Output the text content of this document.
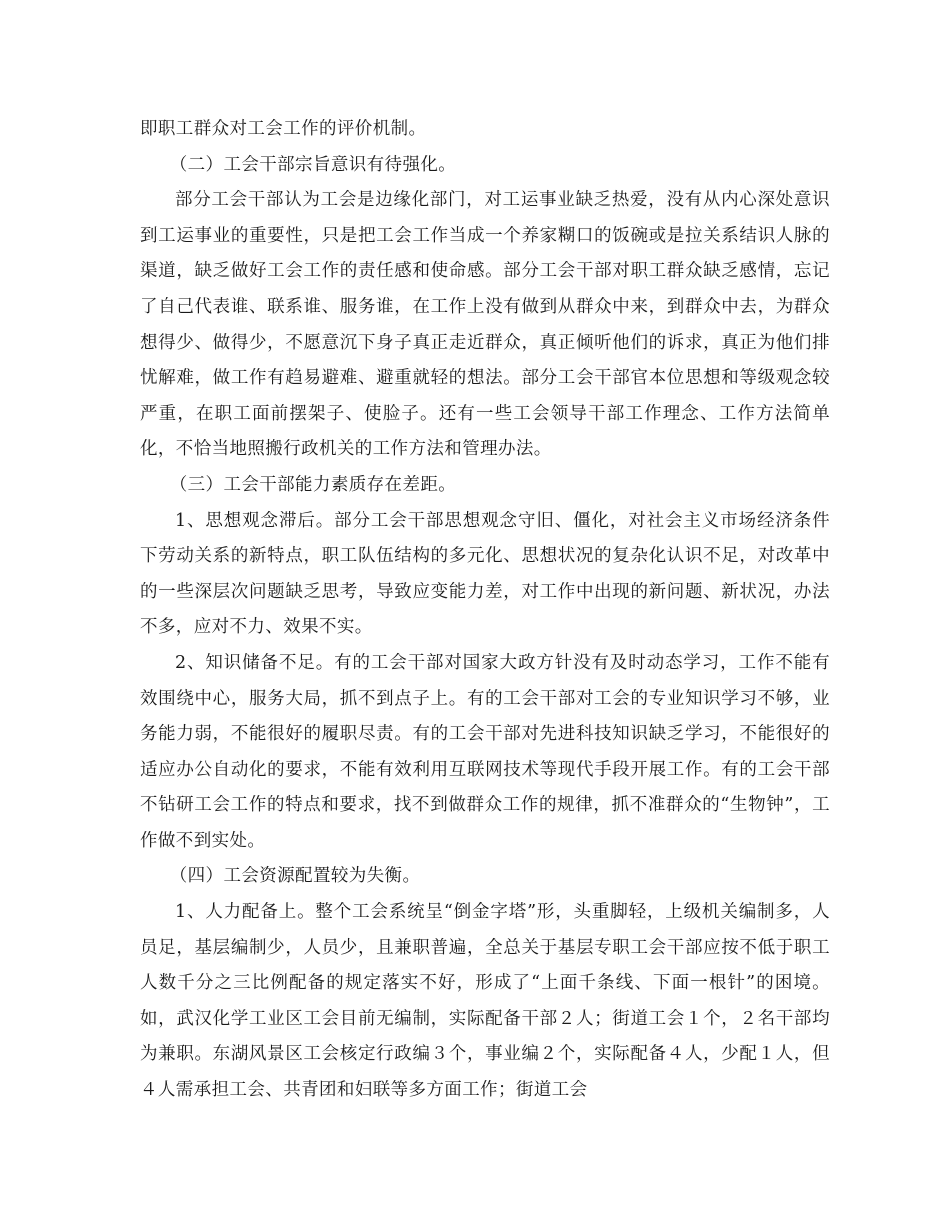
即职工群众对工会工作的评价机制。

（二）工会干部宗旨意识有待强化。

部分工会干部认为工会是边缘化部门，对工运事业缺乏热爱，没有从内心深处意识到工运事业的重要性，只是把工会工作当成一个养家糊口的饭碗或是拉关系结识人脉的渠道，缺乏做好工会工作的责任感和使命感。部分工会干部对职工群众缺乏感情，忘记了自己代表谁、联系谁、服务谁，在工作上没有做到从群众中来，到群众中去，为群众想得少、做得少，不愿意沉下身子真正走近群众，真正倾听他们的诉求，真正为他们排忧解难，做工作有趋易避难、避重就轻的想法。部分工会干部官本位思想和等级观念较严重，在职工面前摆架子、使脸子。还有一些工会领导干部工作理念、工作方法简单化，不恰当地照搬行政机关的工作方法和管理办法。

（三）工会干部能力素质存在差距。

1、思想观念滞后。部分工会干部思想观念守旧、僵化，对社会主义市场经济条件下劳动关系的新特点，职工队伍结构的多元化、思想状况的复杂化认识不足，对改革中的一些深层次问题缺乏思考，导致应变能力差，对工作中出现的新问题、新状况，办法不多，应对不力、效果不实。

2、知识储备不足。有的工会干部对国家大政方针没有及时动态学习，工作不能有效围绕中心，服务大局，抓不到点子上。有的工会干部对工会的专业知识学习不够，业务能力弱，不能很好的履职尽责。有的工会干部对先进科技知识缺乏学习，不能很好的适应办公自动化的要求，不能有效利用互联网技术等现代手段开展工作。有的工会干部不钻研工会工作的特点和要求，找不到做群众工作的规律，抓不准群众的“生物钟”，工作做不到实处。

（四）工会资源配置较为失衡。

1、人力配备上。整个工会系统呈“倒金字塔”形，头重脚轻，上级机关编制多，人员足，基层编制少，人员少，且兼职普遍，全总关于基层专职工会干部应按不低于职工人数千分之三比例配备的规定落实不好，形成了“上面千条线、下面一根针”的困境。如，武汉化学工业区工会目前无编制，实际配备干部２人；街道工会１个，２名干部均为兼职。东湖风景区工会核定行政编３个，事业编２个，实际配备４人，少配１人，但４人需承担工会、共青团和妇联等多方面工作；街道工会
